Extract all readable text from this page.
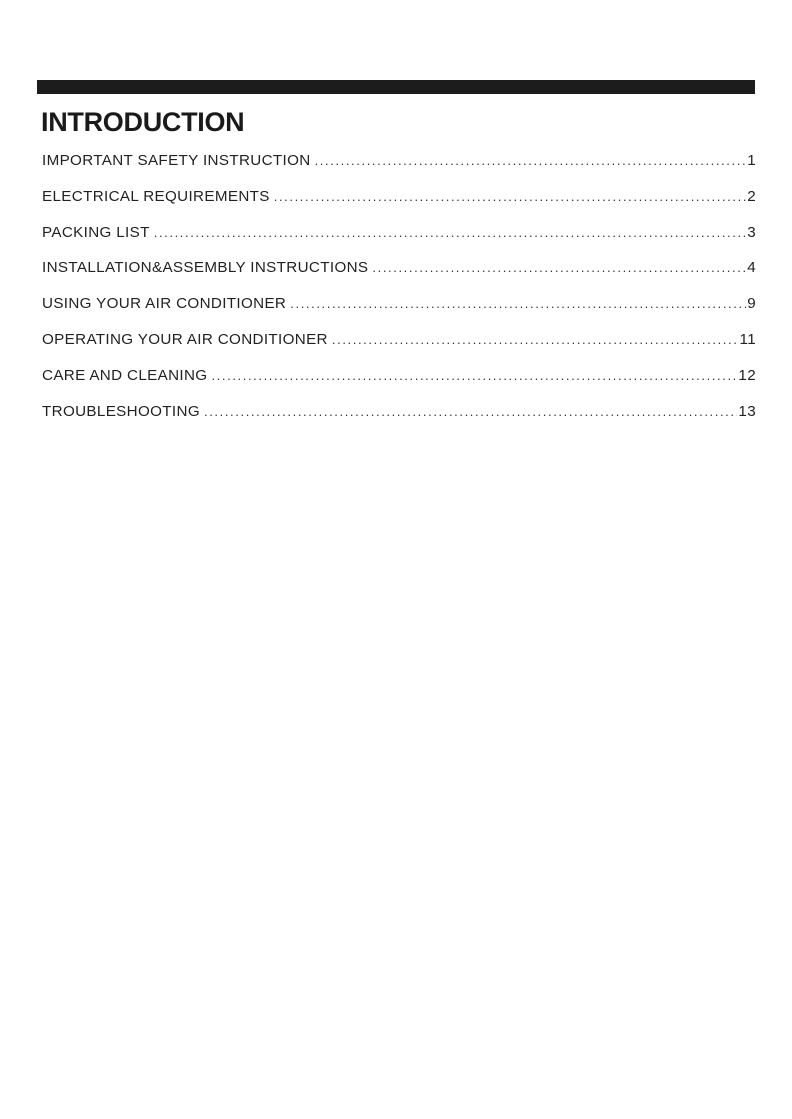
INTRODUCTION
IMPORTANT SAFETY INSTRUCTION .....	1
ELECTRICAL REQUIREMENTS .....	2
PACKING LIST .....	3
INSTALLATION&ASSEMBLY INSTRUCTIONS .....	4
USING YOUR AIR CONDITIONER .....	9
OPERATING YOUR AIR CONDITIONER .....	11
CARE AND CLEANING .....	12
TROUBLESHOOTING .....	13
